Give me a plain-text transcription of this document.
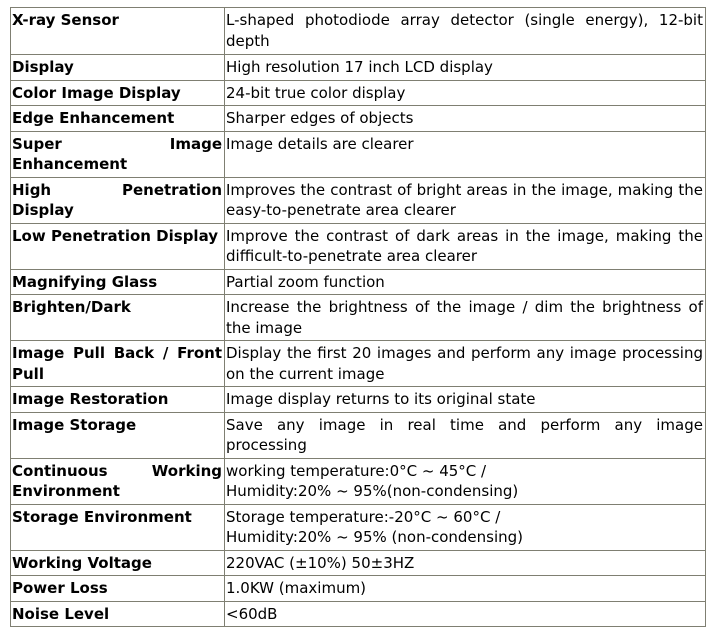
X-ray Sensor	L-shaped photodiode array detector (single energy), 12-bit depth
Display	High resolution 17 inch LCD display
Color Image Display	24-bit true color display
Edge Enhancement	Sharper edges of objects
Super Image Enhancement	Image details are clearer
High Penetration Display	Improves the contrast of bright areas in the image, making the easy-to-penetrate area clearer
Low Penetration Display	Improve the contrast of dark areas in the image, making the difficult-to-penetrate area clearer
Magnifying Glass	Partial zoom function
Brighten/Dark	Increase the brightness of the image / dim the brightness of the image
Image Pull Back / Front Pull	Display the first 20 images and perform any image processing on the current image
Image Restoration	Image display returns to its original state
Image Storage	Save any image in real time and perform any image processing
Continuous Working Environment	working temperature:0°C ~ 45°C /
Humidity:20% ~ 95%(non-condensing)
Storage Environment	Storage temperature:-20°C ~ 60°C /
Humidity:20% ~ 95% (non-condensing)
Working Voltage	220VAC (±10%) 50±3HZ
Power Loss	1.0KW (maximum)
Noise Level	<60dB
